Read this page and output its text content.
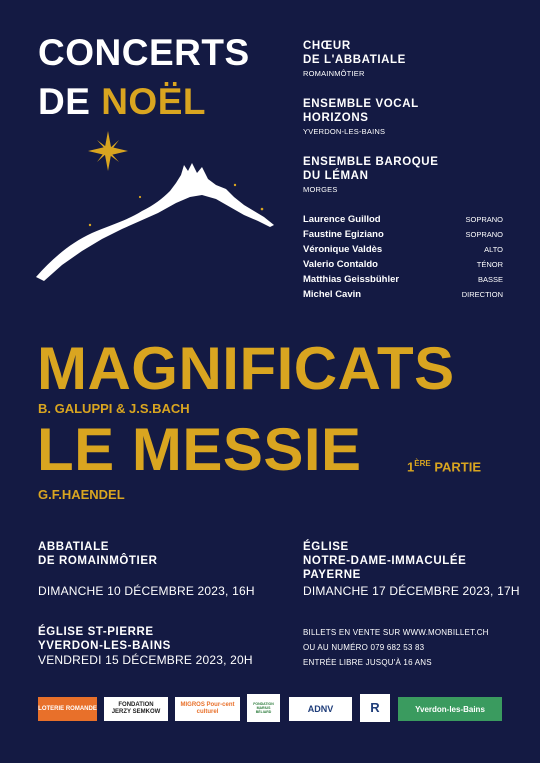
CONCERTS
DE NOËL
CHŒUR
DE L'ABBATIALE
ROMAINMÔTIER
ENSEMBLE VOCAL
HORIZONS
YVERDON-LES-BAINS
ENSEMBLE BAROQUE
DU LÉMAN
MORGES
Laurence Guillod	SOPRANO
Faustine Egiziano	SOPRANO
Véronique Valdès	ALTO
Valerio Contaldo	TÉNOR
Matthias Geissbühler	BASSE
Michel Cavin	DIRECTION
MAGNIFICATS
B. GALUPPI & J.S.BACH
LE MESSIE	1ÈRE PARTIE
G.F.HAENDEL
ABBATIALE
DE ROMAINMÔTIER
DIMANCHE 10 DÉCEMBRE 2023, 16H
ÉGLISE
NOTRE-DAME-IMMACULÉE
PAYERNE
DIMANCHE 17 DÉCEMBRE 2023, 17H
ÉGLISE ST-PIERRE
YVERDON-LES-BAINS
VENDREDI 15 DÉCEMBRE 2023, 20H
BILLETS EN VENTE SUR WWW.MONBILLET.CH
OU AU NUMÉRO 079 682 53 83
ENTRÉE LIBRE JUSQU'À 16 ANS
LOTERIE ROMANDE
FONDATION JERZY SEMKOW
MIGROS Pour-cent culturel
FONDATION MARIUS BÉLIARD	ADNV	R	Yverdon-les-Bains
